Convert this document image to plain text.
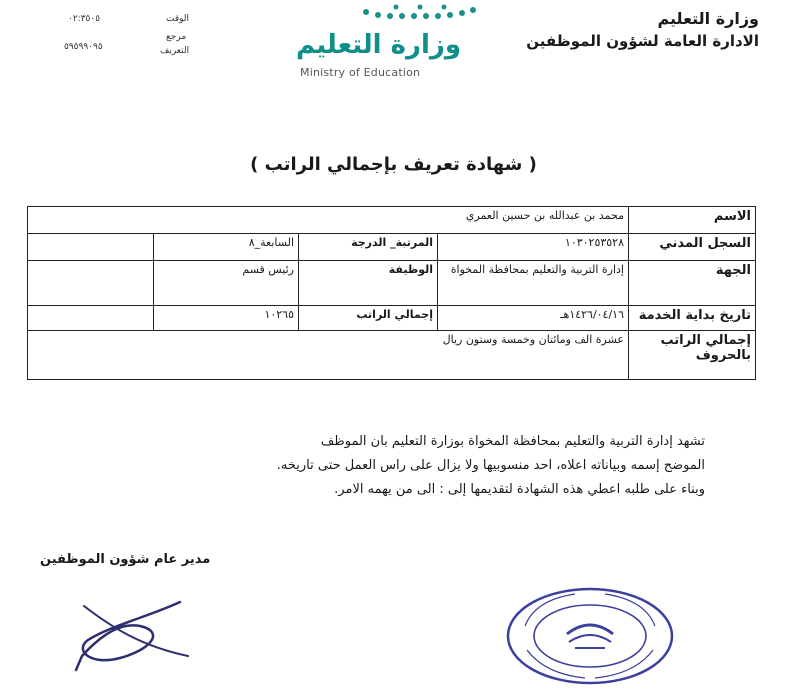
وزارة التعليم
الادارة العامة لشؤون الموظفين
وزارة التعليم
Ministry of Education
٠٢:٣٥٠٥	الوقت
٥٩٥٩٩٠٩٥
مرجع
التعريف
( شهادة تعريف بإجمالي الراتب )
الاسم	محمد بن عبدالله بن حسين العمري			
السجل المدني	١٠٣٠٢٥٣٥٢٨	المرتبة_ الدرجة	السابعة_٨	
الجهة	إدارة التربية والتعليم بمحافظة المخواة	الوظيفة	رئيس قسم	
تاريخ بداية الخدمة	١٤٢٦/٠٤/١٦هـ	إجمالي الراتب	١٠٢٦٥	

إجمالي الراتب
بالحروف	عشرة الف ومائتان وخمسة وستون ريال			
تشهد إدارة التربية والتعليم بمحافظة المخواة بوزارة التعليم بان الموظف
الموضح إسمه وبياناته اعلاه، احد منسوبيها ولا يزال على راس العمل حتى تاريخه.
وبناء على طلبه اعطي هذه الشهادة لتقديمها إلى : الى من يهمه الامر.
مدير عام شؤون الموظفين
